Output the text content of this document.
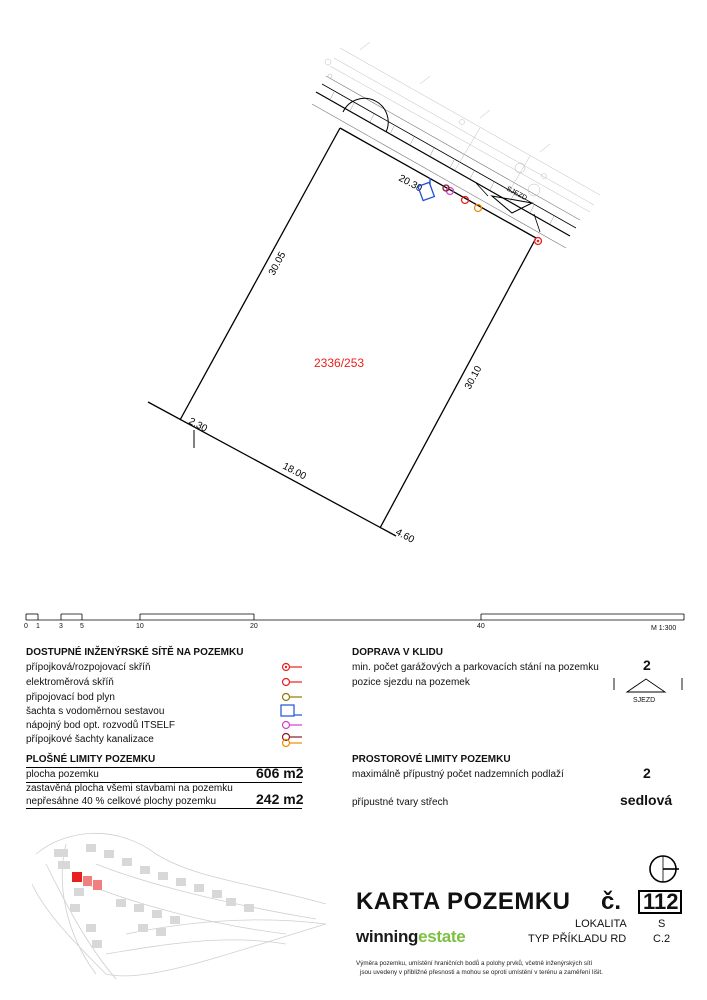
20.30
30.05
30.10
18.00
2.30
4.60
2336/253
SJEZD
0 1	3 5	10	20	40	M 1:300
DOSTUPNÉ INŽENÝRSKÉ SÍTĚ NA POZEMKU
přípojková/rozpojovací skříň
elektroměrová skříň
připojovací bod plyn
šachta s vodoměrnou sestavou
nápojný bod opt. rozvodů ITSELF
přípojkové šachty kanalizace
PLOŠNÉ LIMITY POZEMKU
plocha pozemku	606 m2
zastavěná plocha všemi stavbami na pozemku
nepřesáhne 40 % celkové plochy pozemku	242 m2
DOPRAVA V KLIDU
min. počet garážových a parkovacích stání na pozemku	2
pozice sjezdu na pozemek
SJEZD
PROSTOROVÉ LIMITY POZEMKU
maximálně přípustný počet nadzemních podlaží	2
přípustné tvary střech	sedlová
KARTA POZEMKU č. 112
LOKALITA	S
TYP PŘÍKLADU RD C.2
winningestate
Výměra pozemku, umístění hraničních bodů a polohy prvků, včetně inženýrských sítí
jsou uvedeny v přibližné přesnosti a mohou se oproti umístění v terénu a zaměření lišit.
